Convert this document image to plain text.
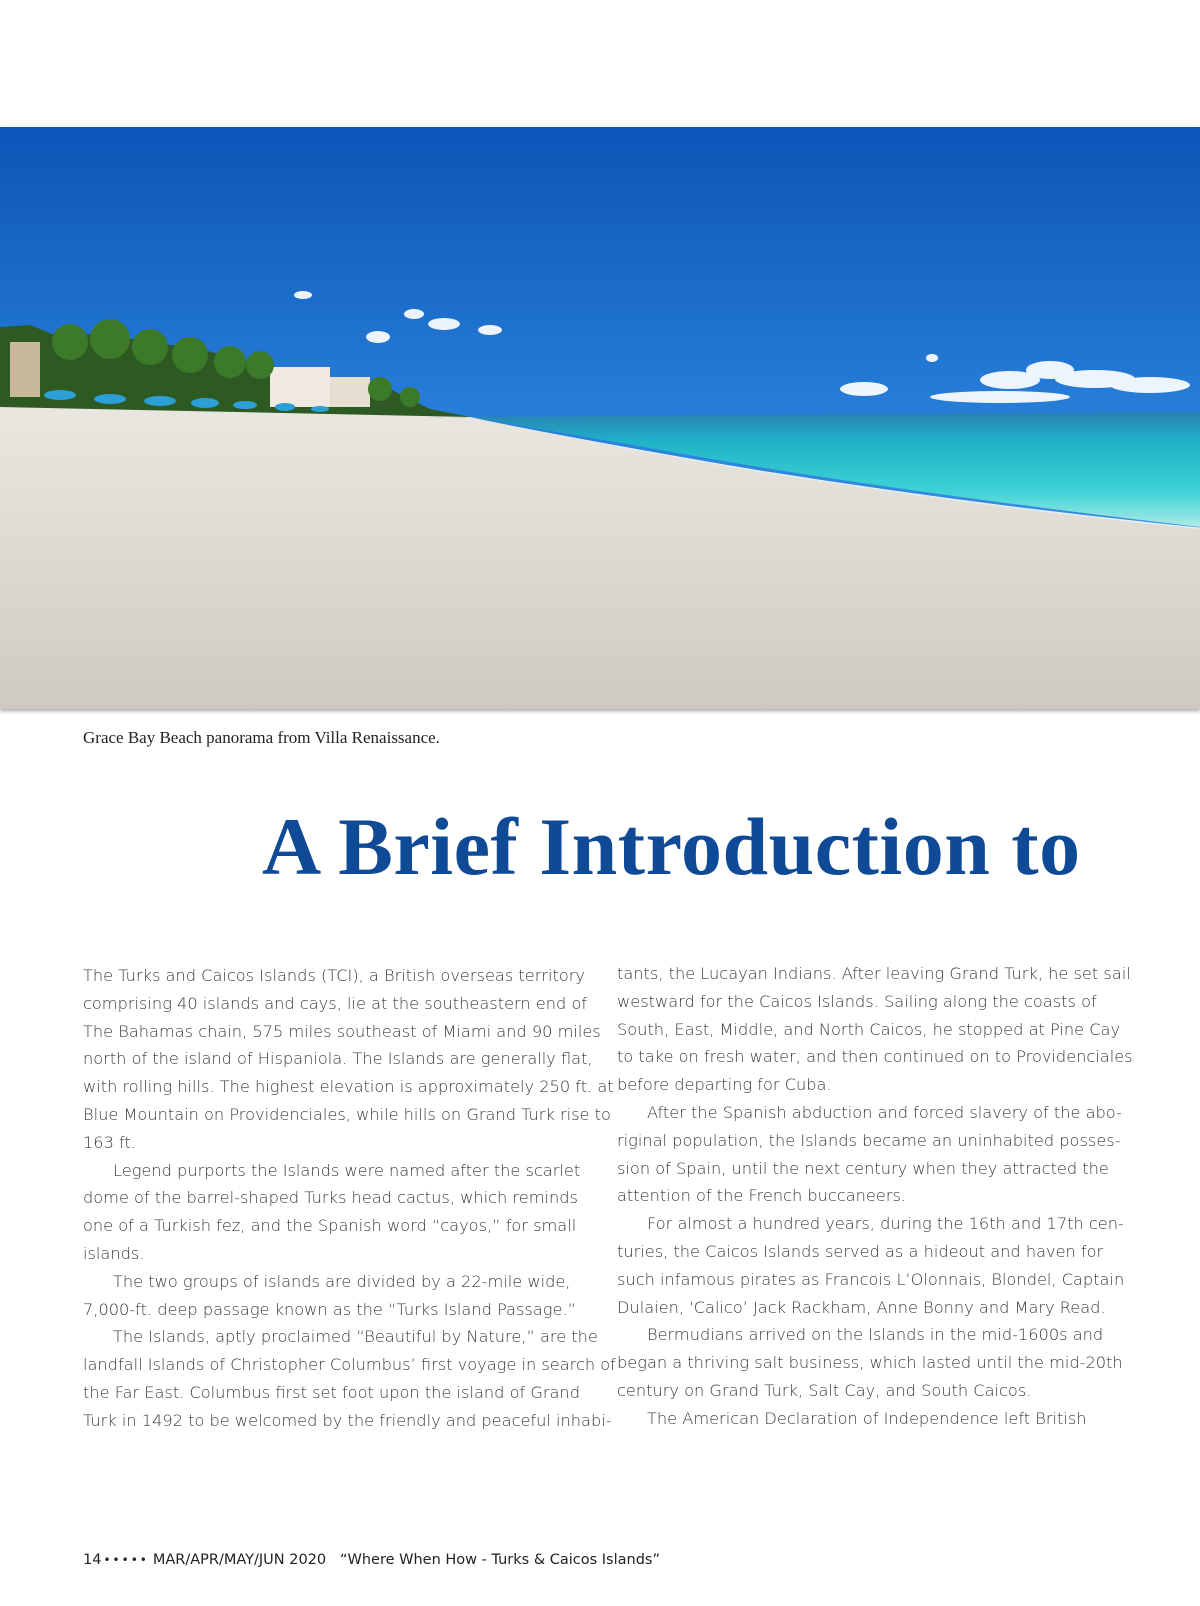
Grace Bay Beach panorama from Villa Renaissance.
A Brief Introduction to

The Turks and Caicos Islands (TCI), a British overseas territory
comprising 40 islands and cays, lie at the southeastern end of
The Bahamas chain, 575 miles southeast of Miami and 90 miles
north of the island of Hispaniola. The Islands are generally flat,
with rolling hills. The highest elevation is approximately 250 ft. at
Blue Mountain on Providenciales, while hills on Grand Turk rise to
163 ft.

Legend purports the Islands were named after the scarlet
dome of the barrel-shaped Turks head cactus, which reminds
one of a Turkish fez, and the Spanish word “cayos,” for small
islands.

The two groups of islands are divided by a 22-mile wide,
7,000-ft. deep passage known as the “Turks Island Passage.”

The Islands, aptly proclaimed “Beautiful by Nature,” are the
landfall Islands of Christopher Columbus’ first voyage in search of
the Far East. Columbus first set foot upon the island of Grand
Turk in 1492 to be welcomed by the friendly and peaceful inhabi-

tants, the Lucayan Indians. After leaving Grand Turk, he set sail
westward for the Caicos Islands. Sailing along the coasts of
South, East, Middle, and North Caicos, he stopped at Pine Cay
to take on fresh water, and then continued on to Providenciales
before departing for Cuba.

After the Spanish abduction and forced slavery of the abo-
riginal population, the Islands became an uninhabited posses-
sion of Spain, until the next century when they attracted the
attention of the French buccaneers.

For almost a hundred years, during the 16th and 17th cen-
turies, the Caicos Islands served as a hideout and haven for
such infamous pirates as Francois L’Olonnais, Blondel, Captain
Dulaien, ‘Calico’ Jack Rackham, Anne Bonny and Mary Read.

Bermudians arrived on the Islands in the mid-1600s and
began a thriving salt business, which lasted until the mid-20th
century on Grand Turk, Salt Cay, and South Caicos.

The American Declaration of Independence left British

14 ••••• MAR/APR/MAY/JUN 2020 “Where When How - Turks & Caicos Islands”
